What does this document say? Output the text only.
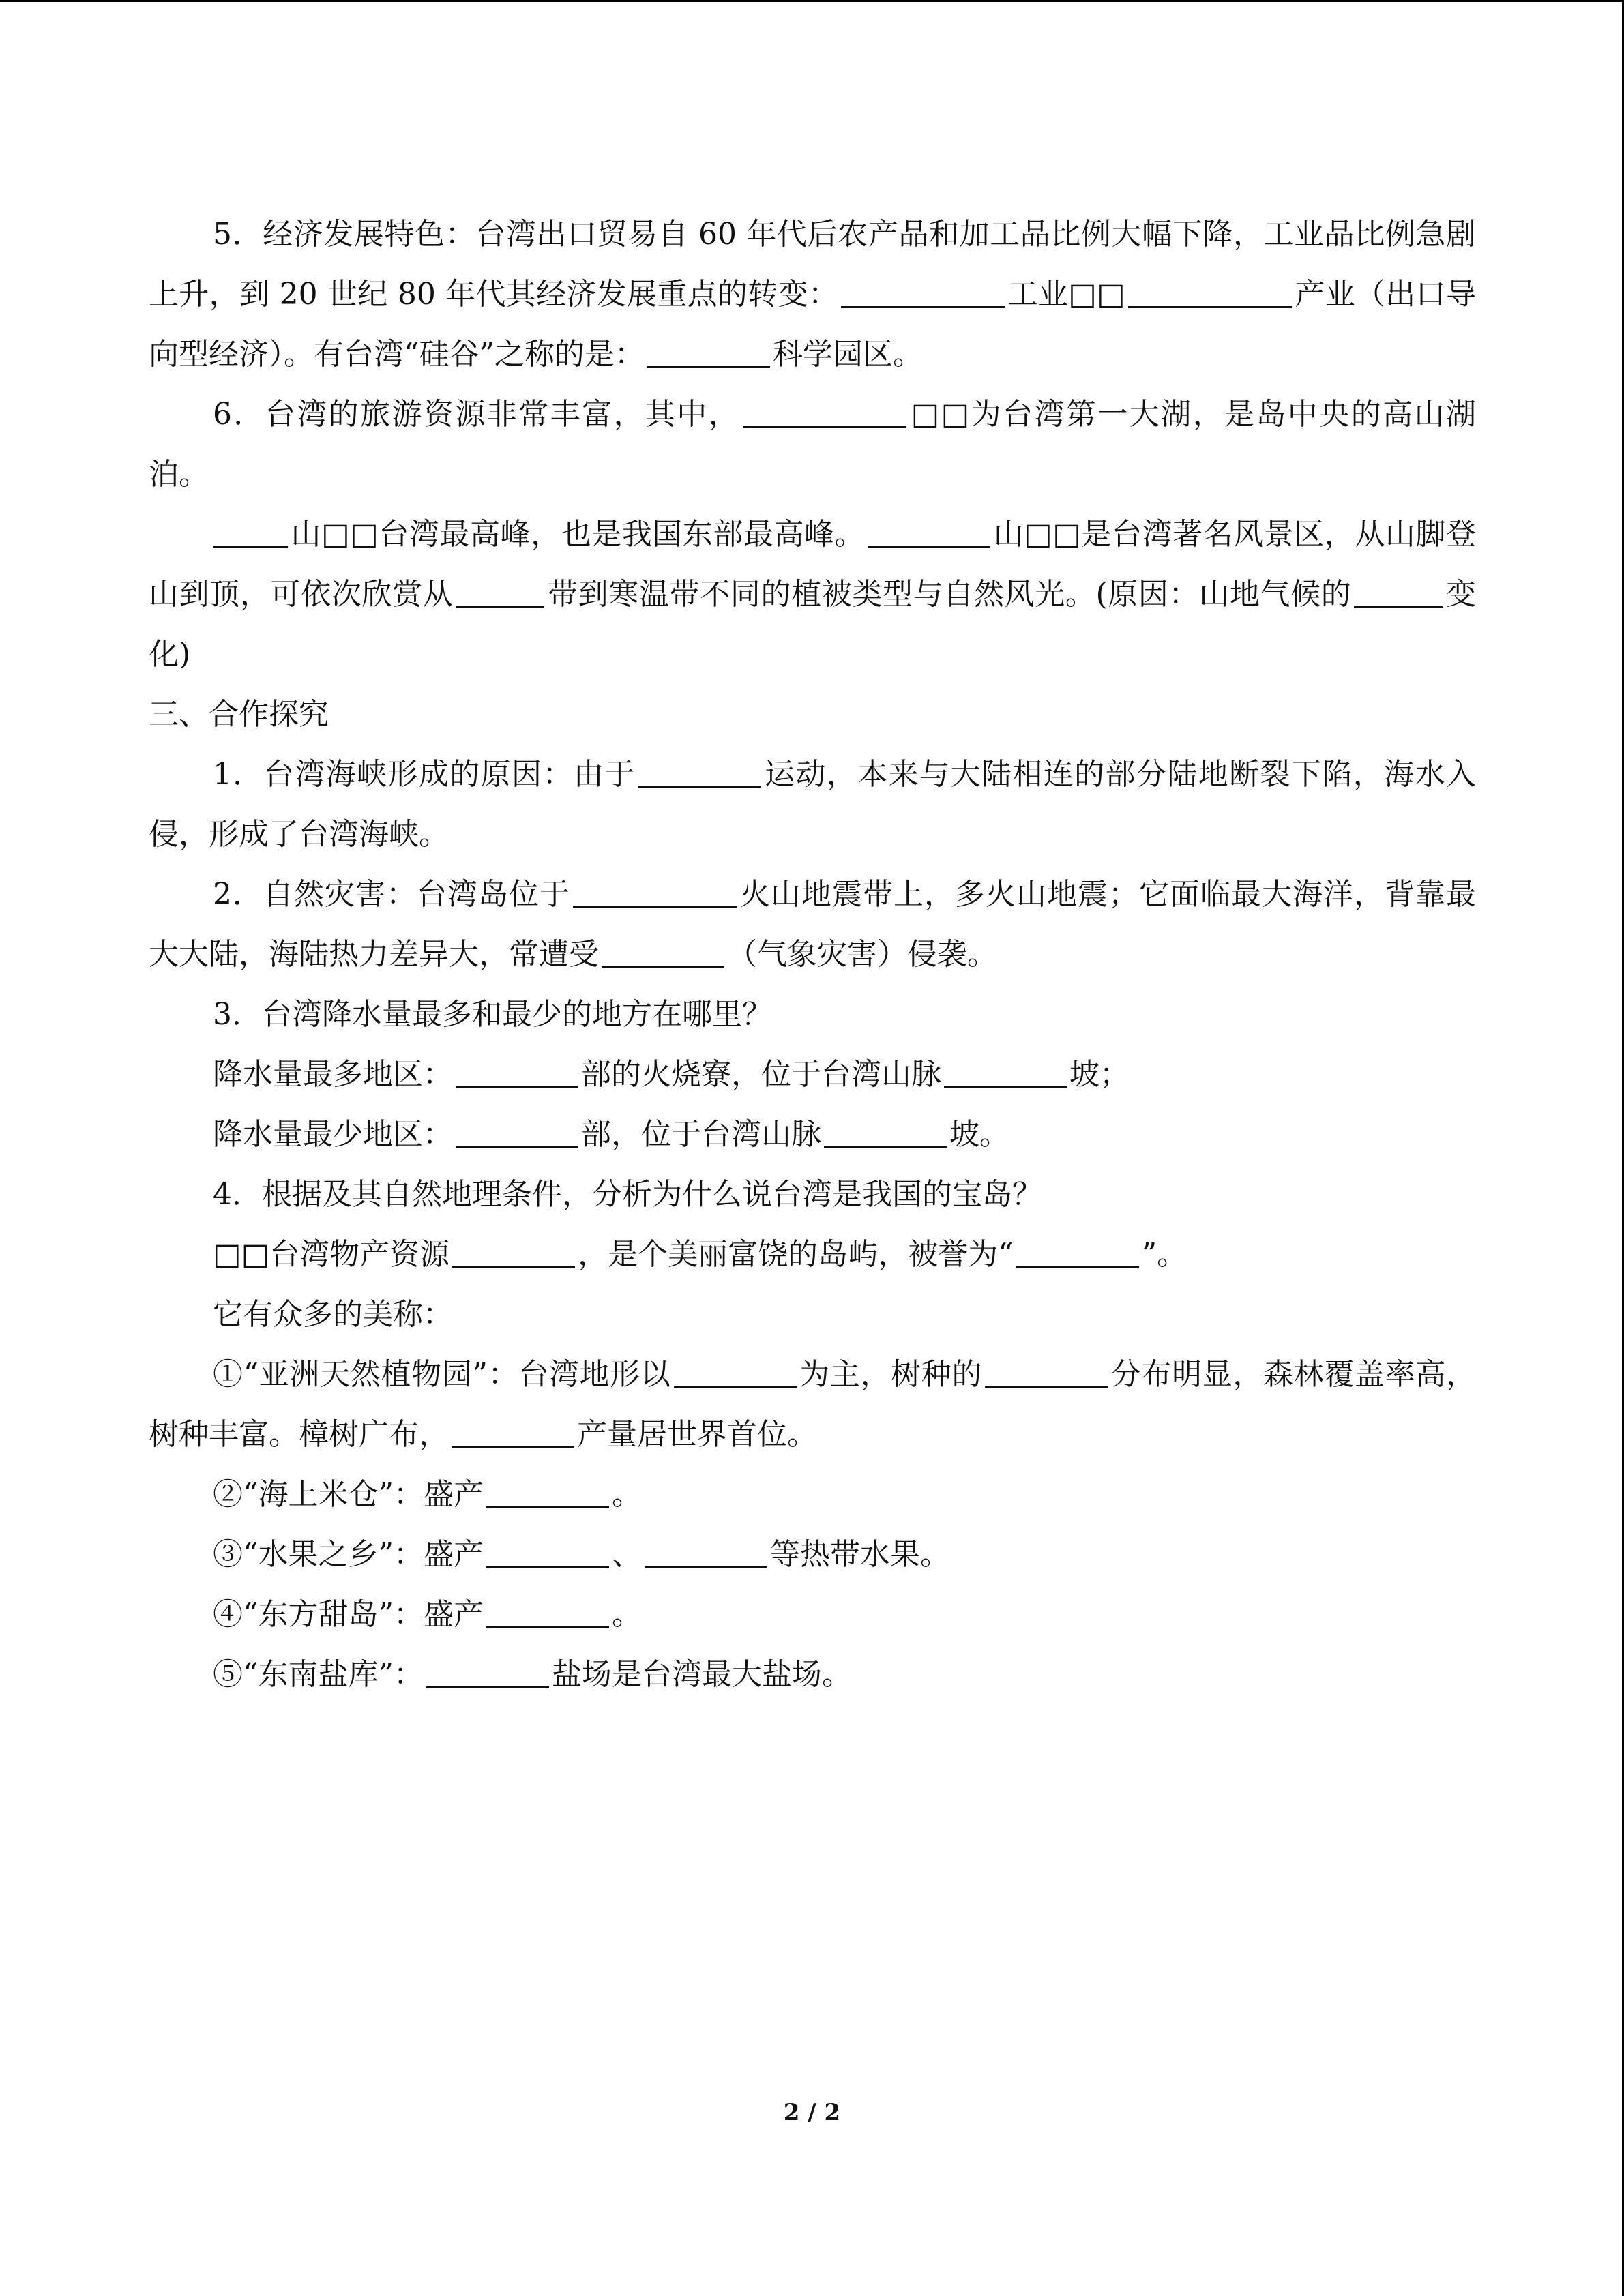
5．经济发展特色：台湾出口贸易自 60 年代后农产品和加工品比例大幅下降，工业品比例急剧上升，到 20 世纪 80 年代其经济发展重点的转变：	工业□□	产业（出口导向型经济）。有台湾“硅谷”之称的是：	科学园区。

6．台湾的旅游资源非常丰富，其中，	□□为台湾第一大湖，是岛中央的高山湖泊。

山□□台湾最高峰，也是我国东部最高峰。	山□□是台湾著名风景区，从山脚登山到顶，可依次欣赏从	带到寒温带不同的植被类型与自然风光。(原因：山地气候的	变化)

三、合作探究

1．台湾海峡形成的原因：由于	运动，本来与大陆相连的部分陆地断裂下陷，海水入侵，形成了台湾海峡。

2．自然灾害：台湾岛位于	火山地震带上，多火山地震；它面临最大海洋，背靠最大大陆，海陆热力差异大，常遭受	（气象灾害）侵袭。

3．台湾降水量最多和最少的地方在哪里？

降水量最多地区：	部的火烧寮，位于台湾山脉	坡；

降水量最少地区：	部，位于台湾山脉	坡。

4．根据及其自然地理条件，分析为什么说台湾是我国的宝岛？

□□台湾物产资源	，是个美丽富饶的岛屿，被誉为“	”。

它有众多的美称：

①“亚洲天然植物园”：台湾地形以	为主，树种的	分布明显，森林覆盖率高，树种丰富。樟树广布，	产量居世界首位。

②“海上米仓”：盛产	。

③“水果之乡”：盛产	、	等热带水果。

④“东方甜岛”：盛产	。

⑤“东南盐库”：	盐场是台湾最大盐场。

2 / 2
